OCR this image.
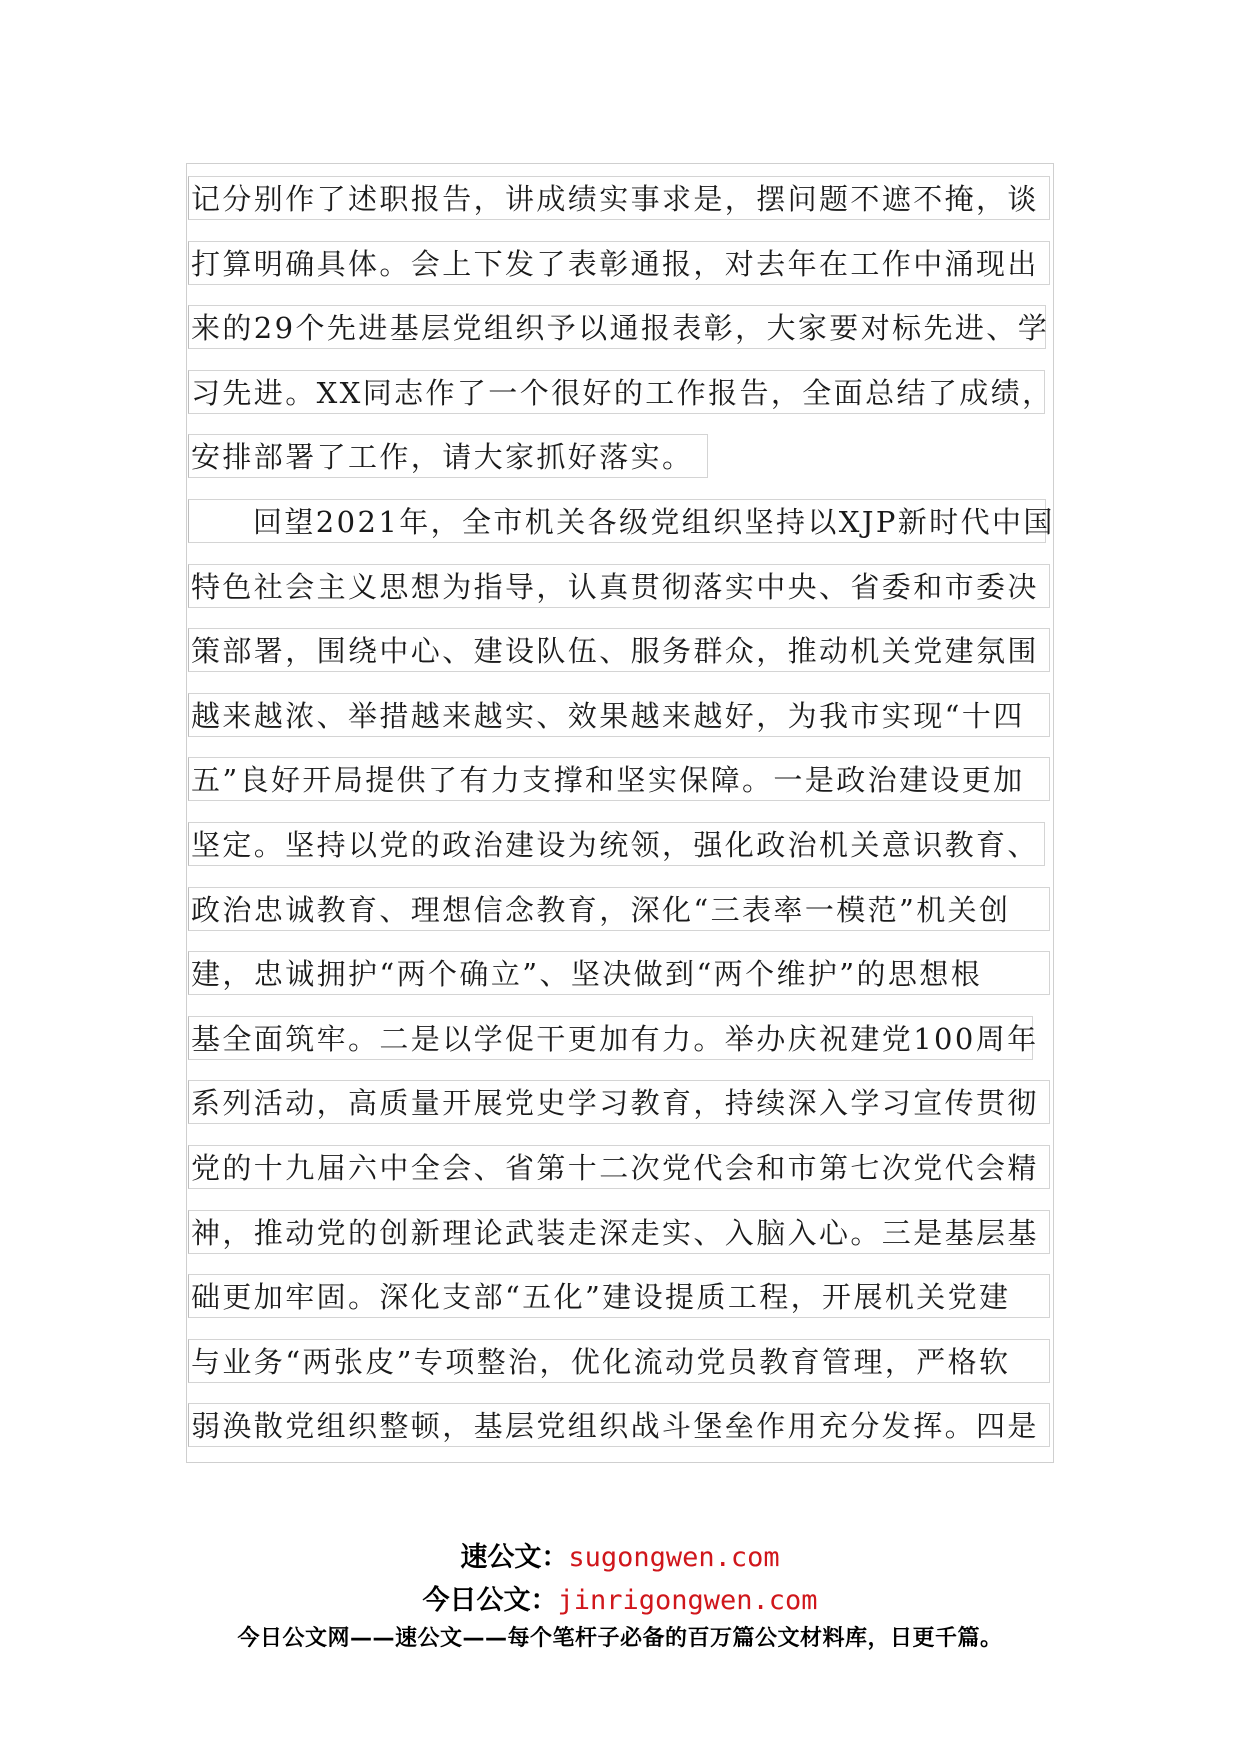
记分别作了述职报告，讲成绩实事求是，摆问题不遮不掩，谈
打算明确具体。会上下发了表彰通报，对去年在工作中涌现出
来的29个先进基层党组织予以通报表彰，大家要对标先进、学
习先进。XX同志作了一个很好的工作报告，全面总结了成绩，
安排部署了工作，请大家抓好落实。
回望2021年，全市机关各级党组织坚持以XJP新时代中国
特色社会主义思想为指导，认真贯彻落实中央、省委和市委决
策部署，围绕中心、建设队伍、服务群众，推动机关党建氛围
越来越浓、举措越来越实、效果越来越好，为我市实现“十四
五”良好开局提供了有力支撑和坚实保障。一是政治建设更加
坚定。坚持以党的政治建设为统领，强化政治机关意识教育、
政治忠诚教育、理想信念教育，深化“三表率一模范”机关创
建，忠诚拥护“两个确立”、坚决做到“两个维护”的思想根
基全面筑牢。二是以学促干更加有力。举办庆祝建党100周年
系列活动，高质量开展党史学习教育，持续深入学习宣传贯彻
党的十九届六中全会、省第十二次党代会和市第七次党代会精
神，推动党的创新理论武装走深走实、入脑入心。三是基层基
础更加牢固。深化支部“五化”建设提质工程，开展机关党建
与业务“两张皮”专项整治，优化流动党员教育管理，严格软
弱涣散党组织整顿，基层党组织战斗堡垒作用充分发挥。四是
速公文：sugongwen.com
今日公文：jinrigongwen.com
今日公文网——速公文——每个笔杆子必备的百万篇公文材料库，日更千篇。
